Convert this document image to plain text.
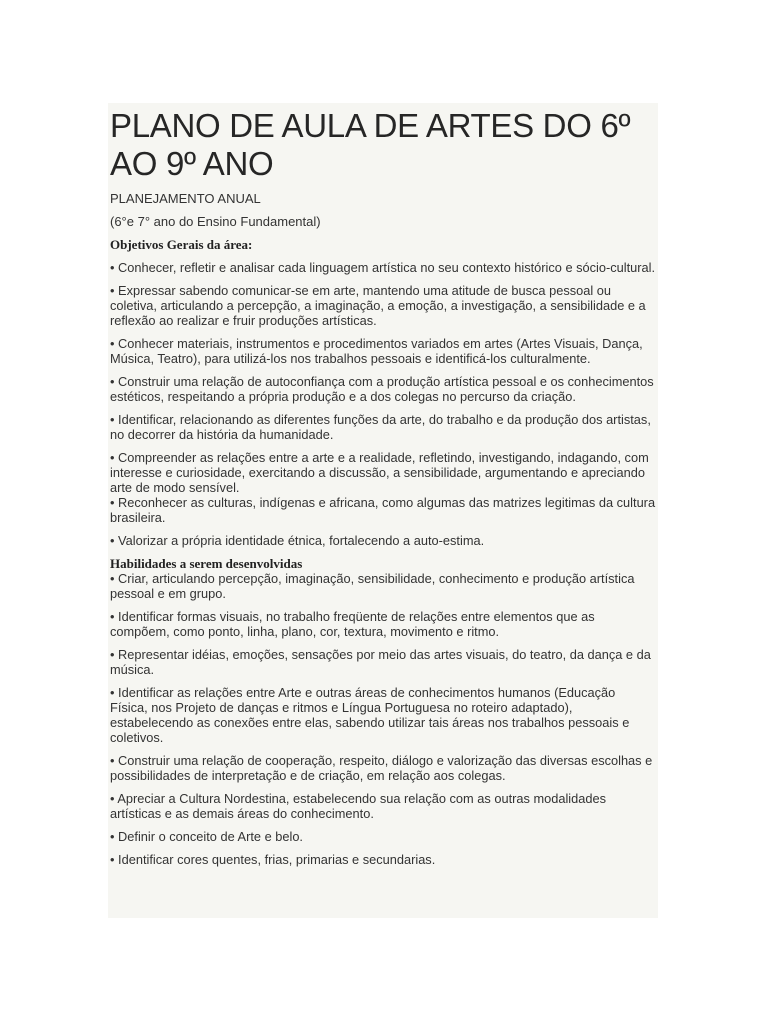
PLANO DE AULA DE ARTES DO 6º AO 9º ANO

PLANEJAMENTO ANUAL

(6°e 7° ano do Ensino Fundamental)

Objetivos Gerais da área:

• Conhecer, refletir e analisar cada linguagem artística no seu contexto histórico e sócio-cultural.

• Expressar sabendo comunicar-se em arte, mantendo uma atitude de busca pessoal ou coletiva, articulando a percepção, a imaginação, a emoção, a investigação, a sensibilidade e a reflexão ao realizar e fruir produções artísticas.

• Conhecer materiais, instrumentos e procedimentos variados em artes (Artes Visuais, Dança, Música, Teatro), para utilizá-los nos trabalhos pessoais e identificá-los culturalmente.

• Construir uma relação de autoconfiança com a produção artística pessoal e os conhecimentos estéticos, respeitando a própria produção e a dos colegas no percurso da criação.

• Identificar, relacionando as diferentes funções da arte, do trabalho e da produção dos artistas, no decorrer da história da humanidade.

• Compreender as relações entre a arte e a realidade, refletindo, investigando, indagando, com interesse e curiosidade, exercitando a discussão, a sensibilidade, argumentando e apreciando arte de modo sensível.

• Reconhecer as culturas, indígenas e africana, como algumas das matrizes legitimas da cultura brasileira.

• Valorizar a própria identidade étnica, fortalecendo a auto-estima.

Habilidades a serem desenvolvidas

• Criar, articulando percepção, imaginação, sensibilidade, conhecimento e produção artística pessoal e em grupo.

• Identificar formas visuais, no trabalho freqüente de relações entre elementos que as compõem, como ponto, linha, plano, cor, textura, movimento e ritmo.

• Representar idéias, emoções, sensações por meio das artes visuais, do teatro, da dança e da música.

• Identificar as relações entre Arte e outras áreas de conhecimentos humanos (Educação Física, nos Projeto de danças e ritmos e Língua Portuguesa no roteiro adaptado), estabelecendo as conexões entre elas, sabendo utilizar tais áreas nos trabalhos pessoais e coletivos.

• Construir uma relação de cooperação, respeito, diálogo e valorização das diversas escolhas e possibilidades de interpretação e de criação, em relação aos colegas.

• Apreciar a Cultura Nordestina, estabelecendo sua relação com as outras modalidades artísticas e as demais áreas do conhecimento.

• Definir o conceito de Arte e belo.

• Identificar cores quentes, frias, primarias e secundarias.
